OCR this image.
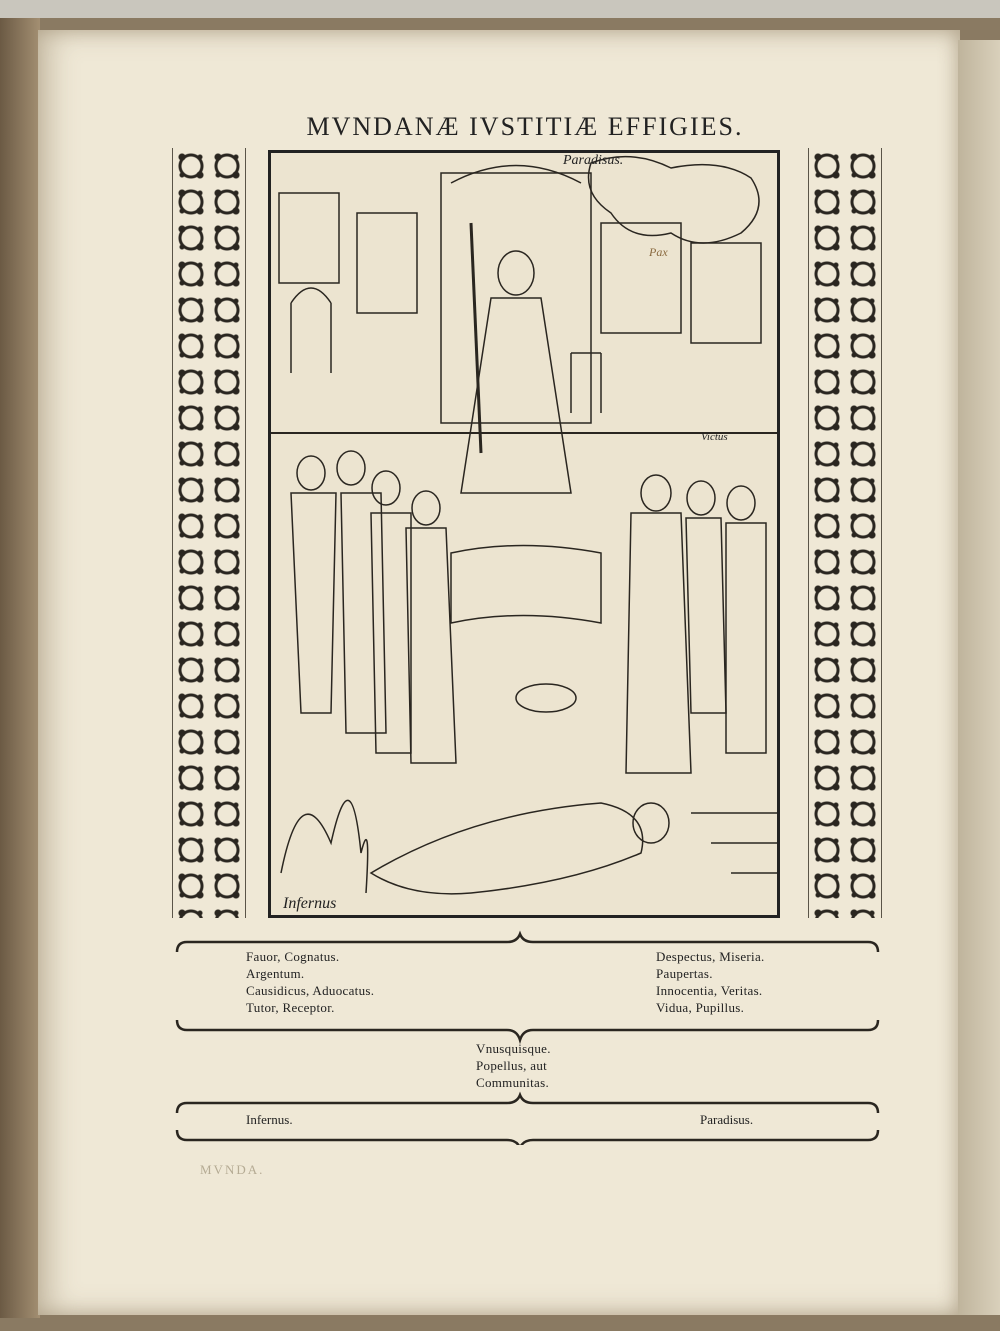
MVNDANÆ IVSTITIÆ EFFIGIES.
Paradisus.
Infernus
Pax
Victus
Fauor, Cognatus.
Argentum.
Causidicus, Aduocatus.
Tutor, Receptor.
Despectus, Miseria.
Paupertas.
Innocentia, Veritas.
Vidua, Pupillus.
Vnusquisque.
Popellus, aut
Communitas.
Infernus.	Paradisus.
MVNDA.
